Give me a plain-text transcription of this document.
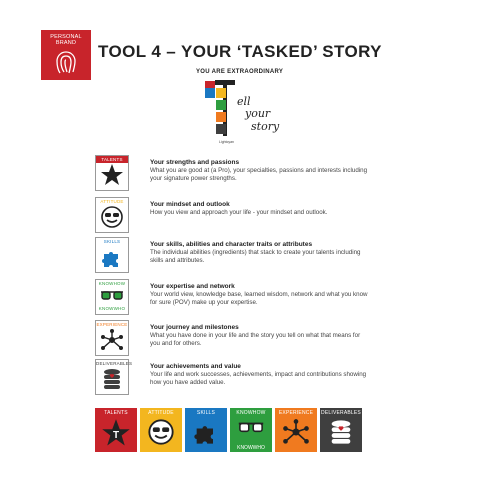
PERSONAL
BRAND	TOOL 4 – YOUR ‘TASKED’ STORY
YOU ARE EXTRAORDINARY
ell
your
story
Lightcyan
TALENTS	Your strengths and passions
What you are good at (a Pro), your specialties, passions and interests including your signature power strengths.
ATTITUDE	Your mindset and outlook
How you view and approach your life - your mindset and outlook.
SKILLS	Your skills, abilities and character traits or attributes
The individual abilities (ingredients) that stack to create your talents including skills and attributes.
KNOWHOW
KNOWWHO
Your expertise and network
Your world view, knowledge base, learned wisdom, network and what you know for sure (POV) make up your expertise.
EXPERIENCE	Your journey and milestones
What you have done in your life and the story you tell on what that means for you and for others.
DELIVERABLES	Your achievements and value
Your life and work successes, achievements, impact and contributions showing how you have added value.
TALENTS
T
ATTITUDE	SKILLS	KNOWHOW
KNOWWHO
EXPERIENCE	DELIVERABLES
